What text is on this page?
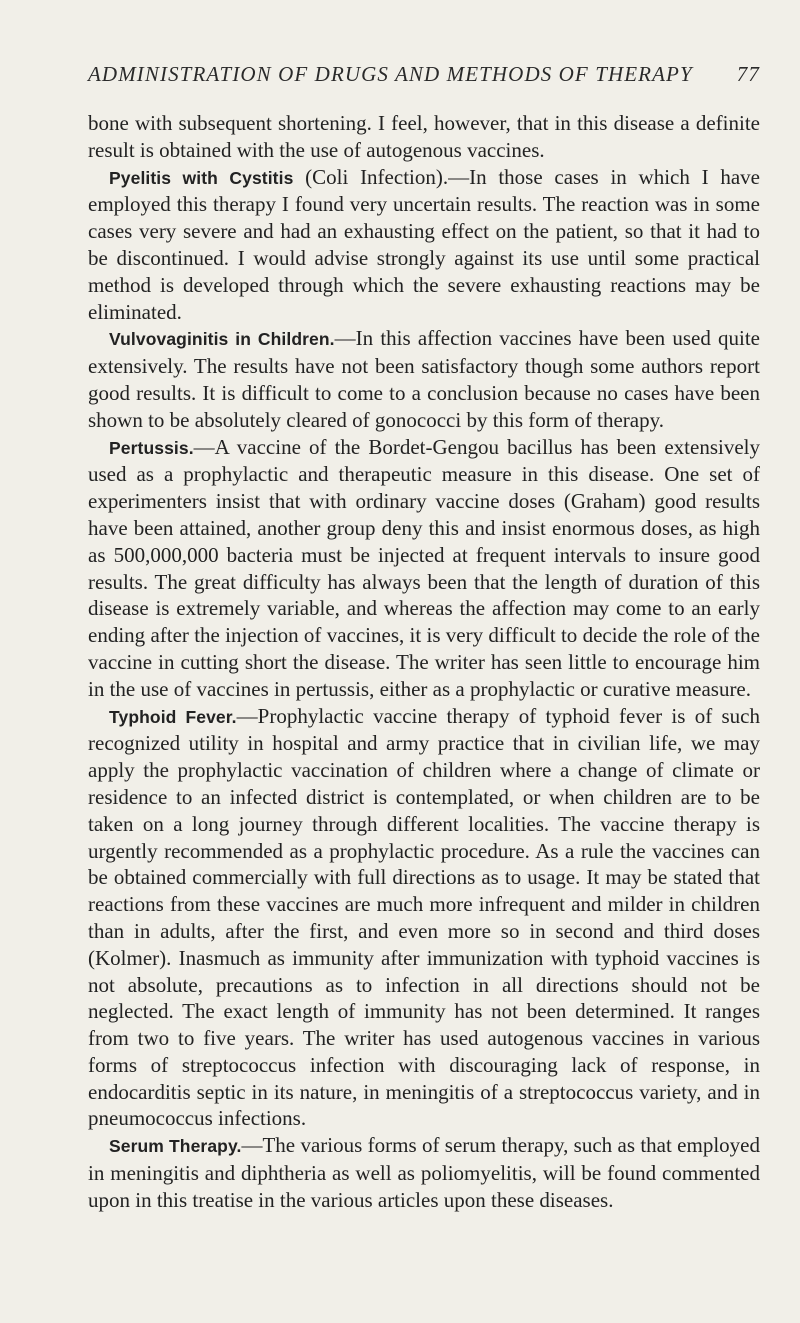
ADMINISTRATION OF DRUGS AND METHODS OF THERAPY 77

bone with subsequent shortening. I feel, however, that in this disease a definite result is obtained with the use of autogenous vaccines.

Pyelitis with Cystitis (Coli Infection).—In those cases in which I have employed this therapy I found very uncertain results. The reaction was in some cases very severe and had an exhausting effect on the patient, so that it had to be discontinued. I would advise strongly against its use until some practical method is developed through which the severe exhausting reactions may be eliminated.

Vulvovaginitis in Children.—In this affection vaccines have been used quite extensively. The results have not been satisfactory though some authors report good results. It is difficult to come to a conclusion because no cases have been shown to be absolutely cleared of gonococci by this form of therapy.

Pertussis.—A vaccine of the Bordet-Gengou bacillus has been extensively used as a prophylactic and therapeutic measure in this disease. One set of experimenters insist that with ordinary vaccine doses (Graham) good results have been attained, another group deny this and insist enormous doses, as high as 500,000,000 bacteria must be injected at frequent intervals to insure good results. The great difficulty has always been that the length of duration of this disease is extremely variable, and whereas the affection may come to an early ending after the injection of vaccines, it is very difficult to decide the role of the vaccine in cutting short the disease. The writer has seen little to encourage him in the use of vaccines in pertussis, either as a prophylactic or curative measure.

Typhoid Fever.—Prophylactic vaccine therapy of typhoid fever is of such recognized utility in hospital and army practice that in civilian life, we may apply the prophylactic vaccination of children where a change of climate or residence to an infected district is contemplated, or when children are to be taken on a long journey through different localities. The vaccine therapy is urgently recommended as a prophylactic procedure. As a rule the vaccines can be obtained commercially with full directions as to usage. It may be stated that reactions from these vaccines are much more infrequent and milder in children than in adults, after the first, and even more so in second and third doses (Kolmer). Inasmuch as immunity after immunization with typhoid vaccines is not absolute, precautions as to infection in all directions should not be neglected. The exact length of immunity has not been determined. It ranges from two to five years. The writer has used autogenous vaccines in various forms of streptococcus infection with discouraging lack of response, in endocarditis septic in its nature, in meningitis of a streptococcus variety, and in pneumococcus infections.

Serum Therapy.—The various forms of serum therapy, such as that employed in meningitis and diphtheria as well as poliomyelitis, will be found commented upon in this treatise in the various articles upon these diseases.
